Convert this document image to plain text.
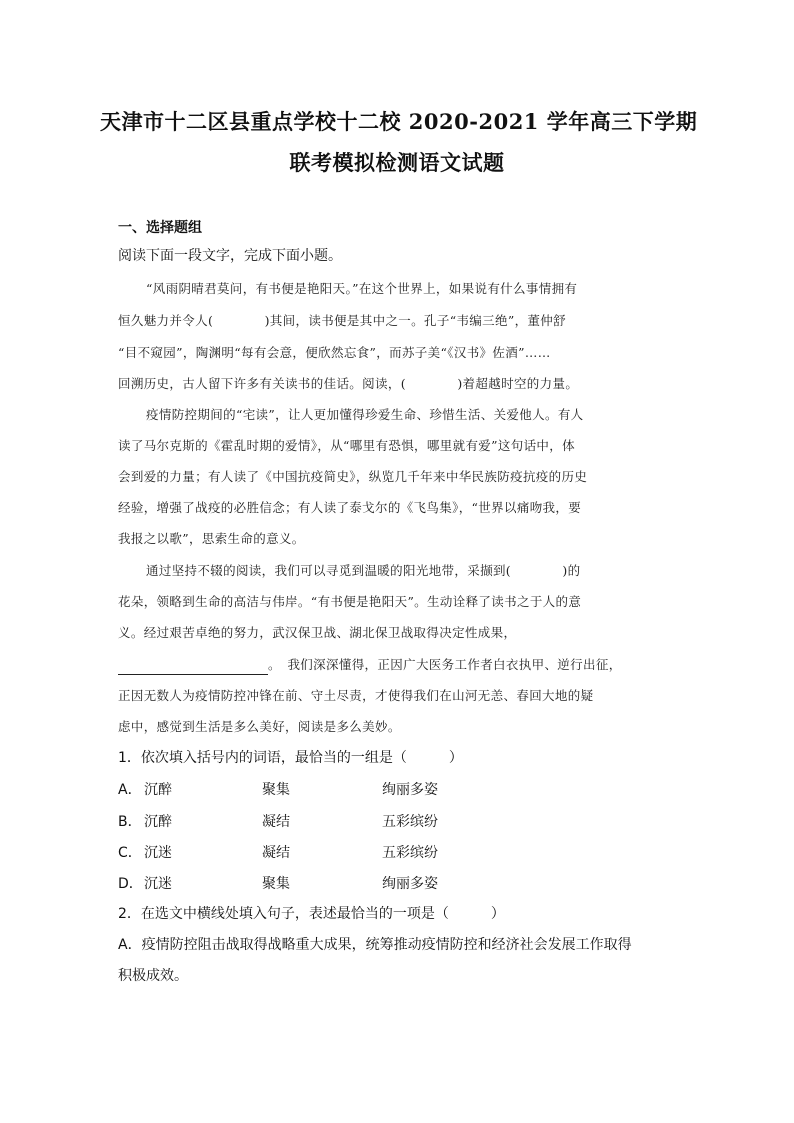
天津市十二区县重点学校十二校 2020-2021 学年高三下学期
联考模拟检测语文试题
一、选择题组
阅读下面一段文字，完成下面小题。
“风雨阴晴君莫问，有书便是艳阳天。”在这个世界上，如果说有什么事情拥有
恒久魅力并令人(　　　　)其间，读书便是其中之一。孔子“韦编三绝”，董仲舒
“目不窥园”，陶渊明“每有会意，便欣然忘食”，而苏子美“《汉书》佐酒”……
回溯历史，古人留下许多有关读书的佳话。阅读，(　　　　)着超越时空的力量。
疫情防控期间的“宅读”，让人更加懂得珍爱生命、珍惜生活、关爱他人。有人
读了马尔克斯的《霍乱时期的爱情》，从“哪里有恐惧，哪里就有爱”这句话中，体
会到爱的力量；有人读了《中国抗疫简史》，纵览几千年来中华民族防疫抗疫的历史
经验，增强了战疫的必胜信念；有人读了泰戈尔的《飞鸟集》，“世界以痛吻我，要
我报之以歌”，思索生命的意义。
通过坚持不辍的阅读，我们可以寻觅到温暖的阳光地带，采撷到(　　　　)的
花朵，领略到生命的高洁与伟岸。“有书便是艳阳天”。生动诠释了读书之于人的意
义。经过艰苦卓绝的努力，武汉保卫战、湖北保卫战取得决定性成果，
。　我们深深懂得，正因广大医务工作者白衣执甲、逆行出征，
正因无数人为疫情防控冲锋在前、守土尽责，才使得我们在山河无恙、春回大地的疑
虑中，感觉到生活是多么美好，阅读是多么美妙。
1．依次填入括号内的词语，最恰当的一组是（　　　）
A． 沉醉	聚集	绚丽多姿
B． 沉醉	凝结	五彩缤纷
C． 沉迷	凝结	五彩缤纷
D． 沉迷	聚集	绚丽多姿
2．在选文中横线处填入句子，表述最恰当的一项是（　　　）
A．疫情防控阻击战取得战略重大成果，统筹推动疫情防控和经济社会发展工作取得
积极成效。
